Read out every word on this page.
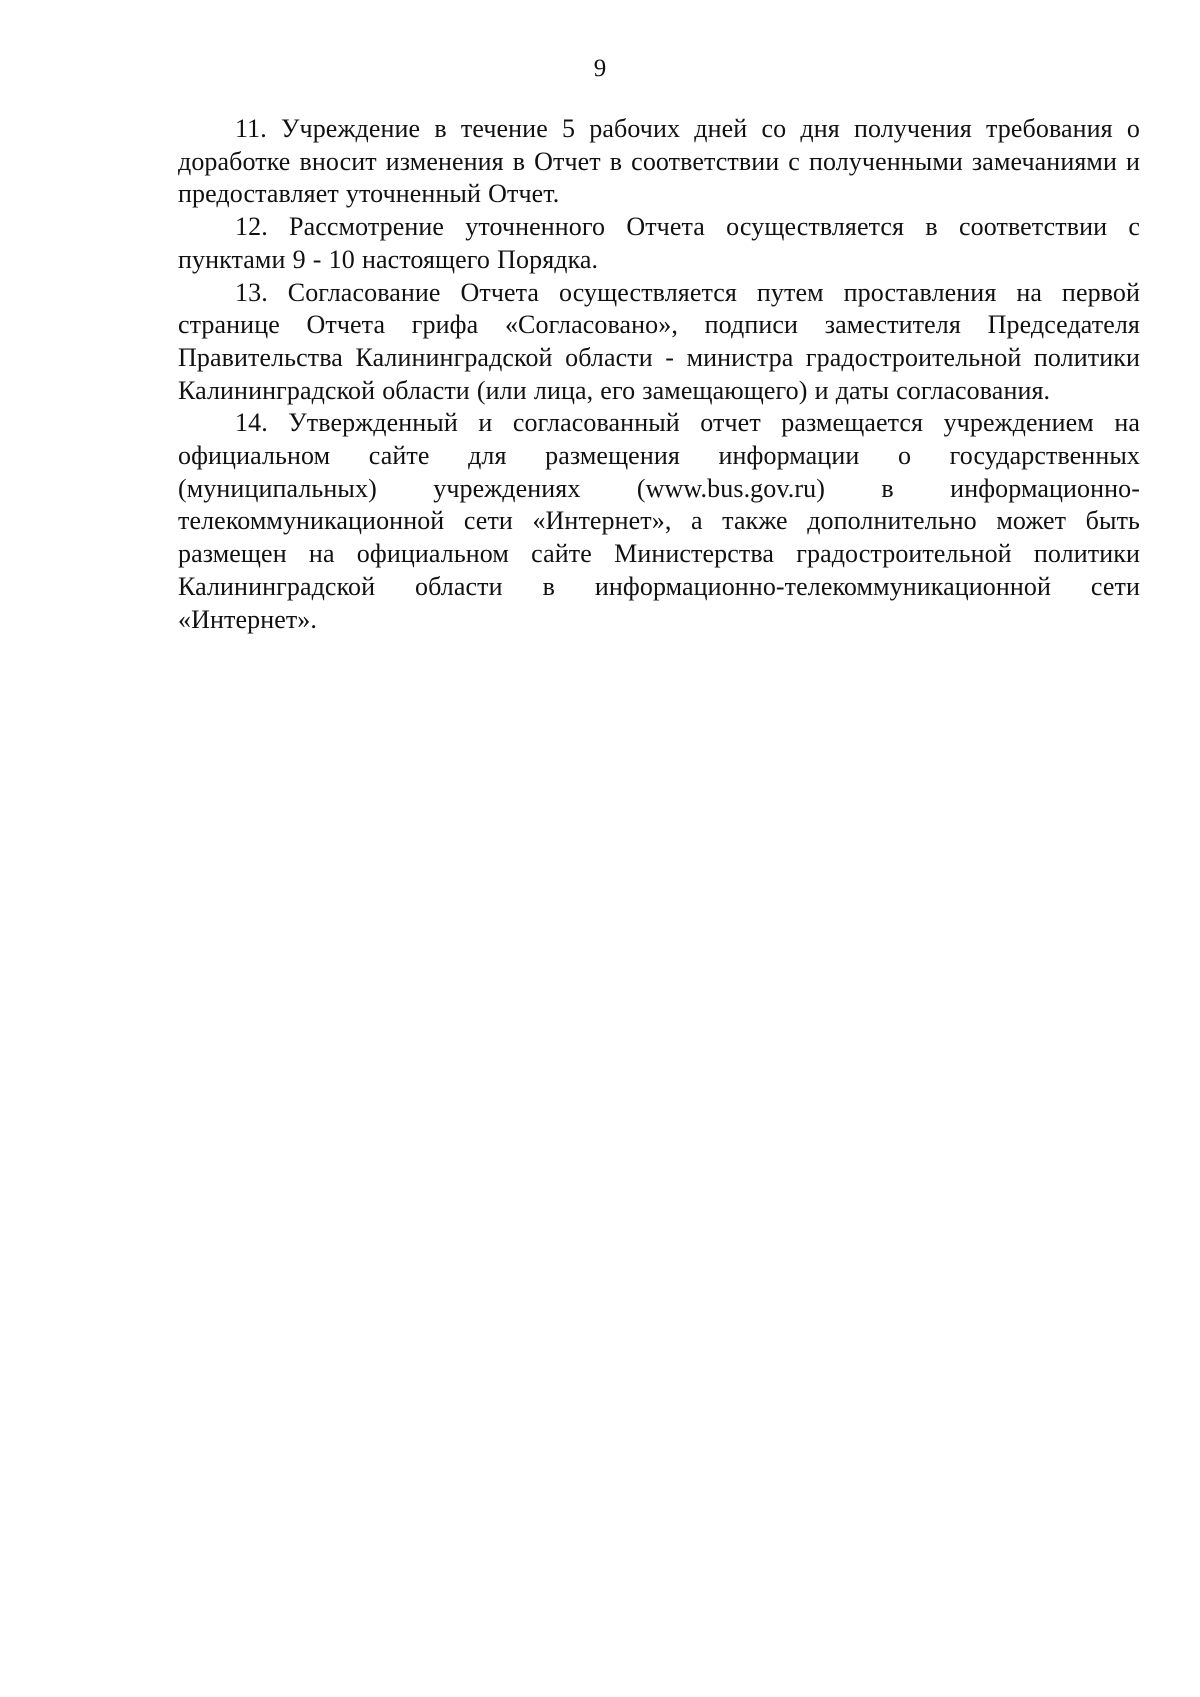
9

11. Учреждение в течение 5 рабочих дней со дня получения требования о доработке вносит изменения в Отчет в соответствии с полученными замечаниями и предоставляет уточненный Отчет.

12. Рассмотрение уточненного Отчета осуществляется в соответствии с пунктами 9 - 10 настоящего Порядка.

13. Согласование Отчета осуществляется путем проставления на первой странице Отчета грифа «Согласовано», подписи заместителя Председателя Правительства Калининградской области - министра градостроительной политики Калининградской области (или лица, его замещающего) и даты согласования.

14. Утвержденный и согласованный отчет размещается учреждением на официальном сайте для размещения информации о государственных (муниципальных) учреждениях (www.bus.gov.ru) в информационно-телекоммуникационной сети «Интернет», а также дополнительно может быть размещен на официальном сайте Министерства градостроительной политики Калининградской области в информационно-телекоммуникационной сети «Интернет».
